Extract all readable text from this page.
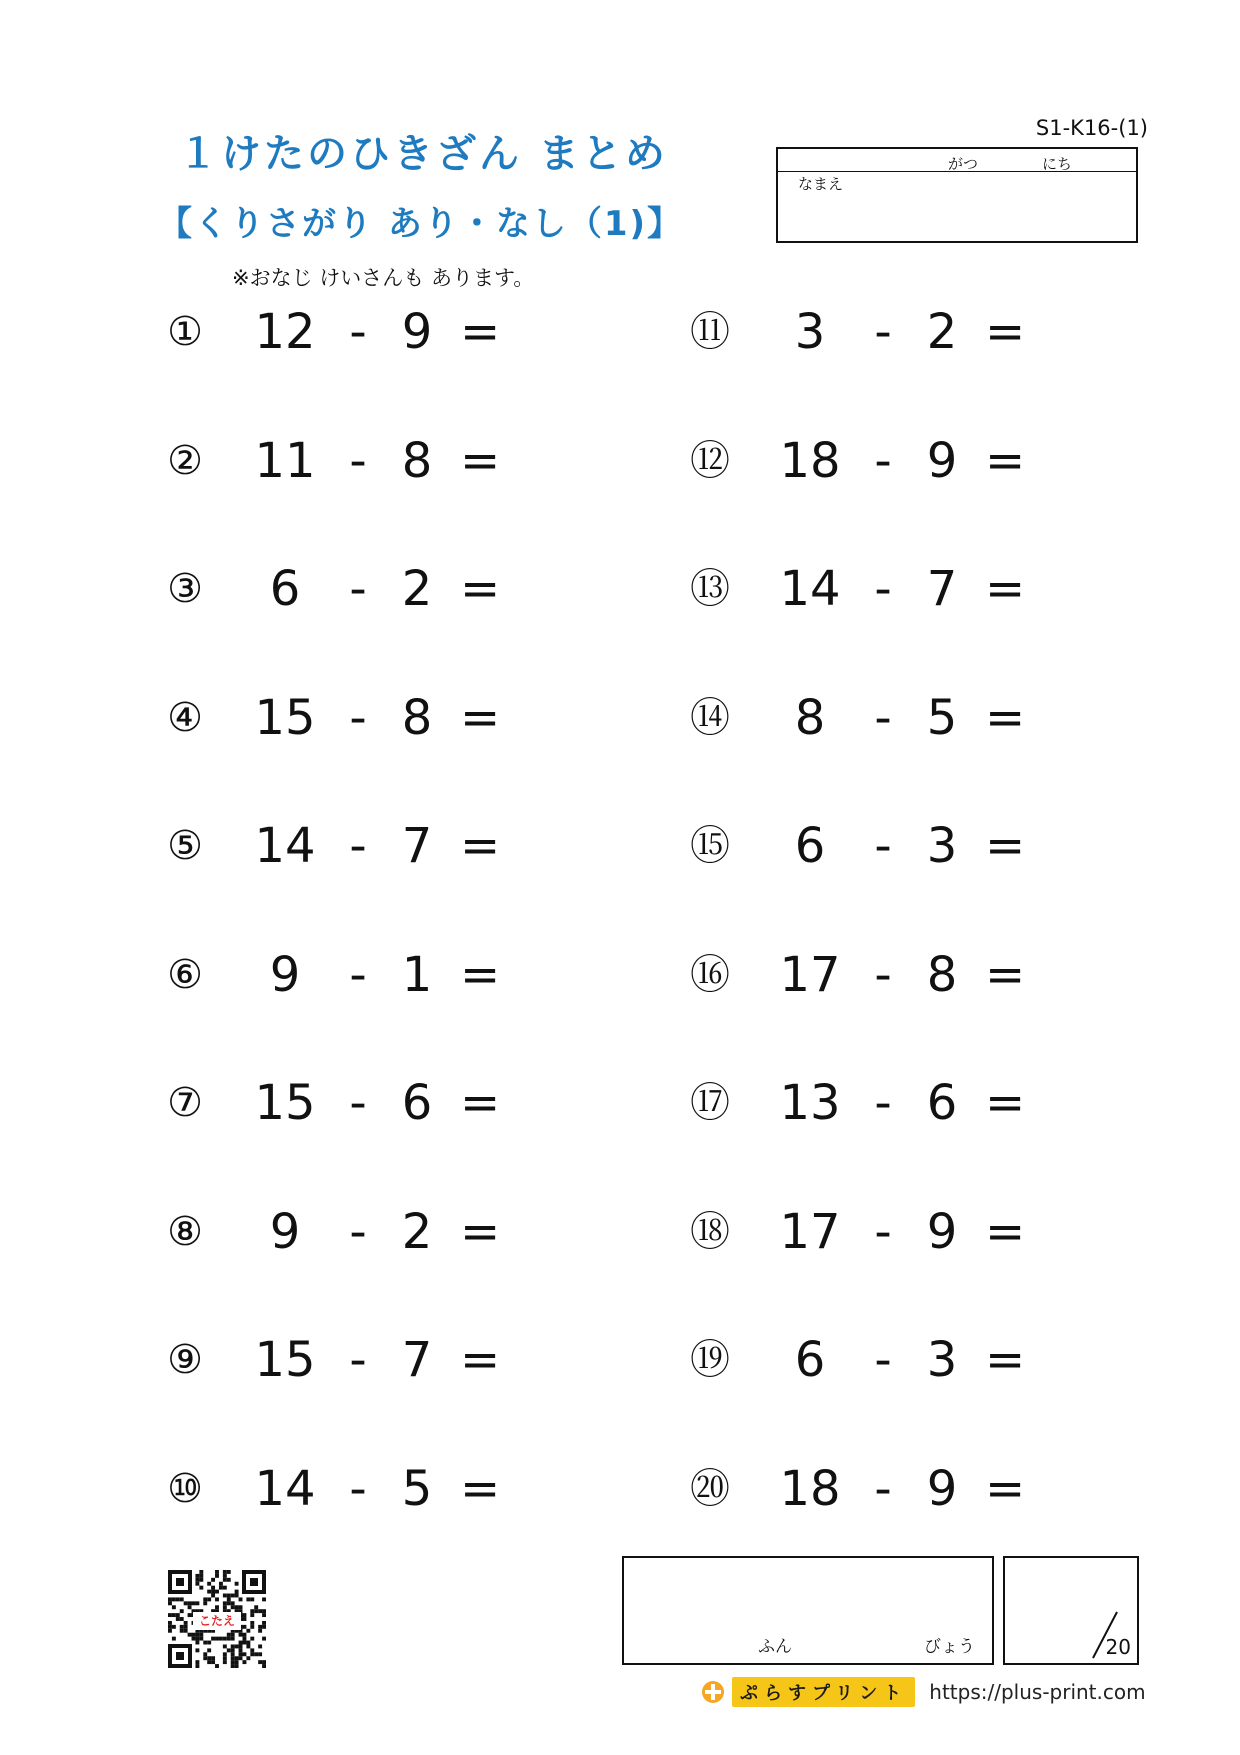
１けたのひきざん まとめ
【くりさがり あり・なし（1)】
※おなじ けいさんも あります。
S1-K16-(1)
がつ	にち
なまえ
①	12 - 9 =
②	11 - 8 =
③	6	- 2 =
④	15 - 8 =
⑤	14 - 7 =
⑥	9	- 1 =
⑦	15 - 6 =
⑧	9	- 2 =
⑨	15 - 7 =
⑩	14 - 5 =
⑪	3	- 2 =
⑫	18 - 9 =
⑬	14 - 7 =
⑭	8	- 5 =
⑮	6	- 3 =
⑯	17 - 8 =
⑰	13 - 6 =
⑱	17 - 9 =
⑲	6	- 3 =
⑳	18 - 9 =
ふん	びょう	20
こたえ
ぷらすプリント	https://plus-print.com
